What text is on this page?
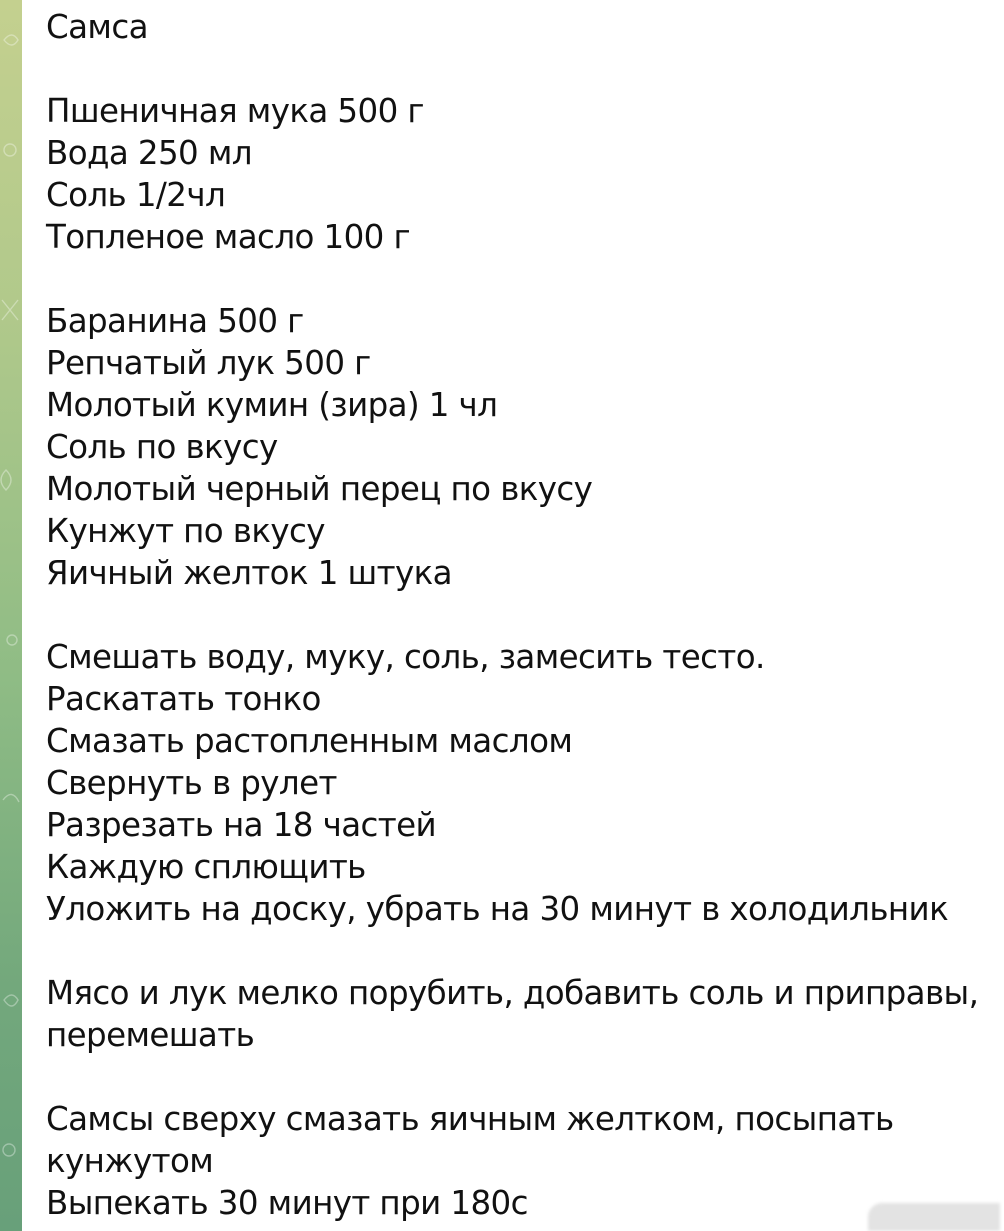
Самса

Пшеничная мука 500 г
Вода 250 мл
Соль 1/2чл
Топленое масло 100 г

Баранина 500 г
Репчатый лук 500 г
Молотый кумин (зира) 1 чл
Соль по вкусу
Молотый черный перец по вкусу
Кунжут по вкусу
Яичный желток 1 штука

Смешать воду, муку, соль, замесить тесто.
Раскатать тонко
Смазать растопленным маслом
Свернуть в рулет
Разрезать на 18 частей
Каждую сплющить
Уложить на доску, убрать на 30 минут в холодильник

Мясо и лук мелко порубить, добавить соль и приправы,
перемешать

Самсы сверху смазать яичным желтком, посыпать
кунжутом
Выпекать 30 минут при 180с
